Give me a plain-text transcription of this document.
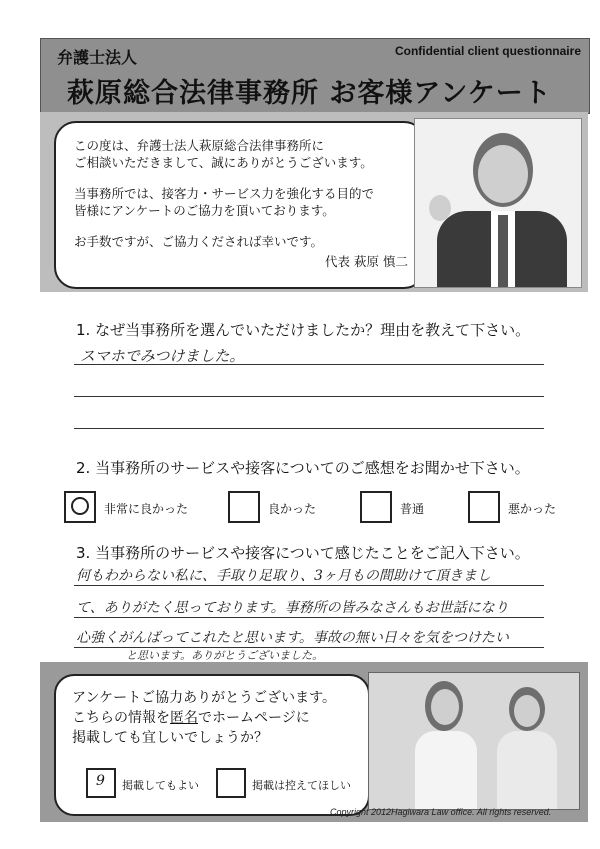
弁護士法人	Confidential client questionnaire
萩原総合法律事務所 お客様アンケート

この度は、弁護士法人萩原総合法律事務所に

ご相談いただきまして、誠にありがとうございます。

当事務所では、接客力・サービス力を強化する目的で

皆様にアンケートのご協力を頂いております。

お手数ですが、ご協力くだされば幸いです。

代表 萩原 慎二

1. なぜ当事務所を選んでいただけましたか？理由を教えて下さい。
スマホでみつけました。
2. 当事務所のサービスや接客についてのご感想をお聞かせ下さい。
非常に良かった	良かった	普通	悪かった
3. 当事務所のサービスや接客について感じたことをご記入下さい。
何もわからない私に、手取り足取り、3ヶ月もの間助けて頂きまし
て、ありがたく思っております。事務所の皆みなさんもお世話になり
心強くがんばってこれたと思います。事故の無い日々を気をつけたい
と思います。ありがとうございました。
アンケートご協力ありがとうございます。
こちらの情報を匿名でホームページに
掲載しても宜しいでしょうか？
9 掲載してもよい	掲載は控えてほしい
Copyright 2012Hagiwara Law office. All rights reserved.
